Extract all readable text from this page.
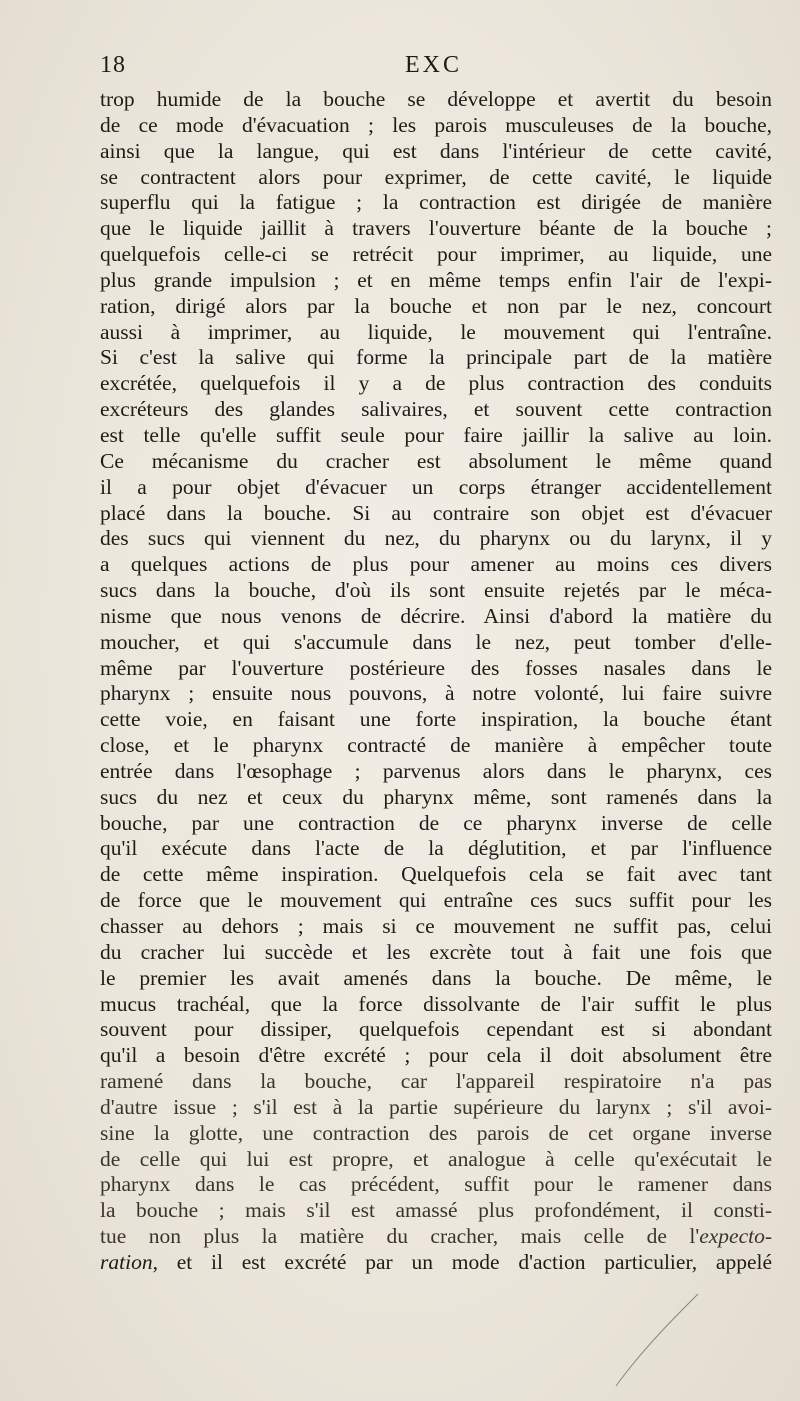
18	EXC
trop humide de la bouche se développe et avertit du besoin
de ce mode d'évacuation ; les parois musculeuses de la bouche,
ainsi que la langue, qui est dans l'intérieur de cette cavité,
se contractent alors pour exprimer, de cette cavité, le liquide
superflu qui la fatigue ; la contraction est dirigée de manière
que le liquide jaillit à travers l'ouverture béante de la bouche ;
quelquefois celle-ci se retrécit pour imprimer, au liquide, une
plus grande impulsion ; et en même temps enfin l'air de l'expi-
ration, dirigé alors par la bouche et non par le nez, concourt
aussi à imprimer, au liquide, le mouvement qui l'entraîne.
Si c'est la salive qui forme la principale part de la matière
excrétée, quelquefois il y a de plus contraction des conduits
excréteurs des glandes salivaires, et souvent cette contraction
est telle qu'elle suffit seule pour faire jaillir la salive au loin.
Ce mécanisme du cracher est absolument le même quand
il a pour objet d'évacuer un corps étranger accidentellement
placé dans la bouche. Si au contraire son objet est d'évacuer
des sucs qui viennent du nez, du pharynx ou du larynx, il y
a quelques actions de plus pour amener au moins ces divers
sucs dans la bouche, d'où ils sont ensuite rejetés par le méca-
nisme que nous venons de décrire. Ainsi d'abord la matière du
moucher, et qui s'accumule dans le nez, peut tomber d'elle-
même par l'ouverture postérieure des fosses nasales dans le
pharynx ; ensuite nous pouvons, à notre volonté, lui faire suivre
cette voie, en faisant une forte inspiration, la bouche étant
close, et le pharynx contracté de manière à empêcher toute
entrée dans l'œsophage ; parvenus alors dans le pharynx, ces
sucs du nez et ceux du pharynx même, sont ramenés dans la
bouche, par une contraction de ce pharynx inverse de celle
qu'il exécute dans l'acte de la déglutition, et par l'influence
de cette même inspiration. Quelquefois cela se fait avec tant
de force que le mouvement qui entraîne ces sucs suffit pour les
chasser au dehors ; mais si ce mouvement ne suffit pas, celui
du cracher lui succède et les excrète tout à fait une fois que
le premier les avait amenés dans la bouche. De même, le
mucus trachéal, que la force dissolvante de l'air suffit le plus
souvent pour dissiper, quelquefois cependant est si abondant
qu'il a besoin d'être excrété ; pour cela il doit absolument être
ramené dans la bouche, car l'appareil respiratoire n'a pas
d'autre issue ; s'il est à la partie supérieure du larynx ; s'il avoi-
sine la glotte, une contraction des parois de cet organe inverse
de celle qui lui est propre, et analogue à celle qu'exécutait le
pharynx dans le cas précédent, suffit pour le ramener dans
la bouche ; mais s'il est amassé plus profondément, il consti-
tue non plus la matière du cracher, mais celle de l'expecto-
ration, et il est excrété par un mode d'action particulier, appelé
